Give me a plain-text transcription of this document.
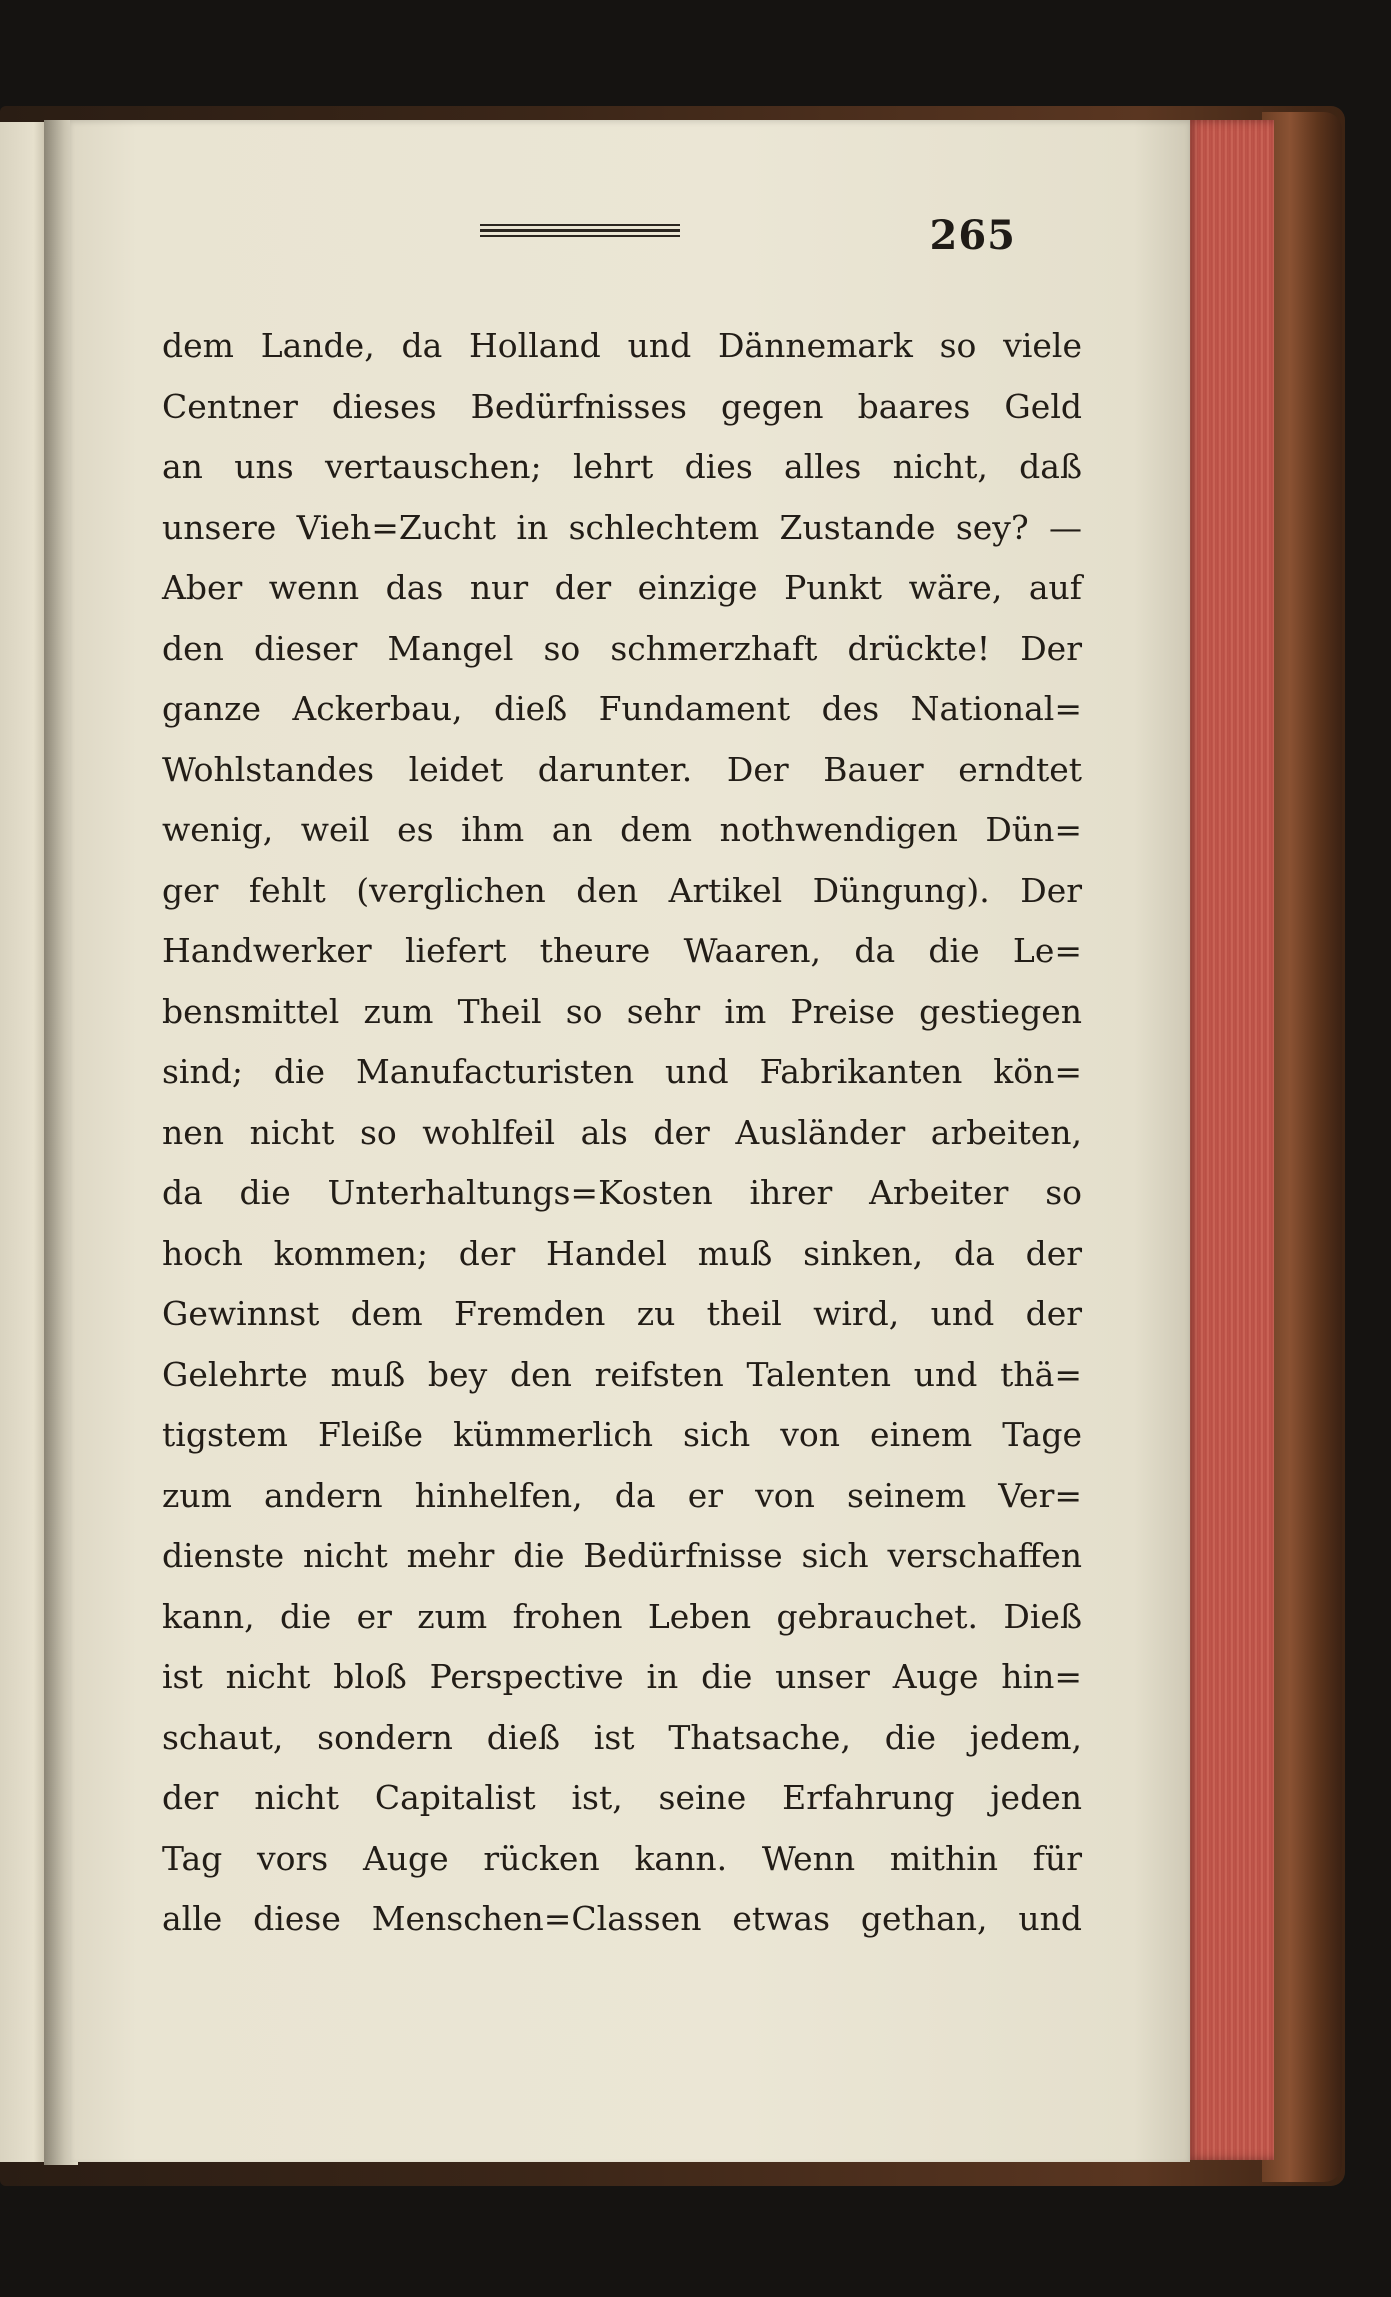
265
dem Lande, da Holland und Dännemark so viele
Centner dieses Bedürfnisses gegen baares Geld
an uns vertauschen; lehrt dies alles nicht, daß
unsere Vieh=Zucht in schlechtem Zustande sey? —
Aber wenn das nur der einzige Punkt wäre, auf
den dieser Mangel so schmerzhaft drückte! Der
ganze Ackerbau, dieß Fundament des National=
Wohlstandes leidet darunter. Der Bauer erndtet
wenig, weil es ihm an dem nothwendigen Dün=
ger fehlt (verglichen den Artikel Düngung). Der
Handwerker liefert theure Waaren, da die Le=
bensmittel zum Theil so sehr im Preise gestiegen
sind; die Manufacturisten und Fabrikanten kön=
nen nicht so wohlfeil als der Ausländer arbeiten,
da die Unterhaltungs=Kosten ihrer Arbeiter so
hoch kommen; der Handel muß sinken, da der
Gewinnst dem Fremden zu theil wird, und der
Gelehrte muß bey den reifsten Talenten und thä=
tigstem Fleiße kümmerlich sich von einem Tage
zum andern hinhelfen, da er von seinem Ver=
dienste nicht mehr die Bedürfnisse sich verschaffen
kann, die er zum frohen Leben gebrauchet. Dieß
ist nicht bloß Perspective in die unser Auge hin=
schaut, sondern dieß ist Thatsache, die jedem,
der nicht Capitalist ist, seine Erfahrung jeden
Tag vors Auge rücken kann. Wenn mithin für
alle diese Menschen=Classen etwas gethan, und
